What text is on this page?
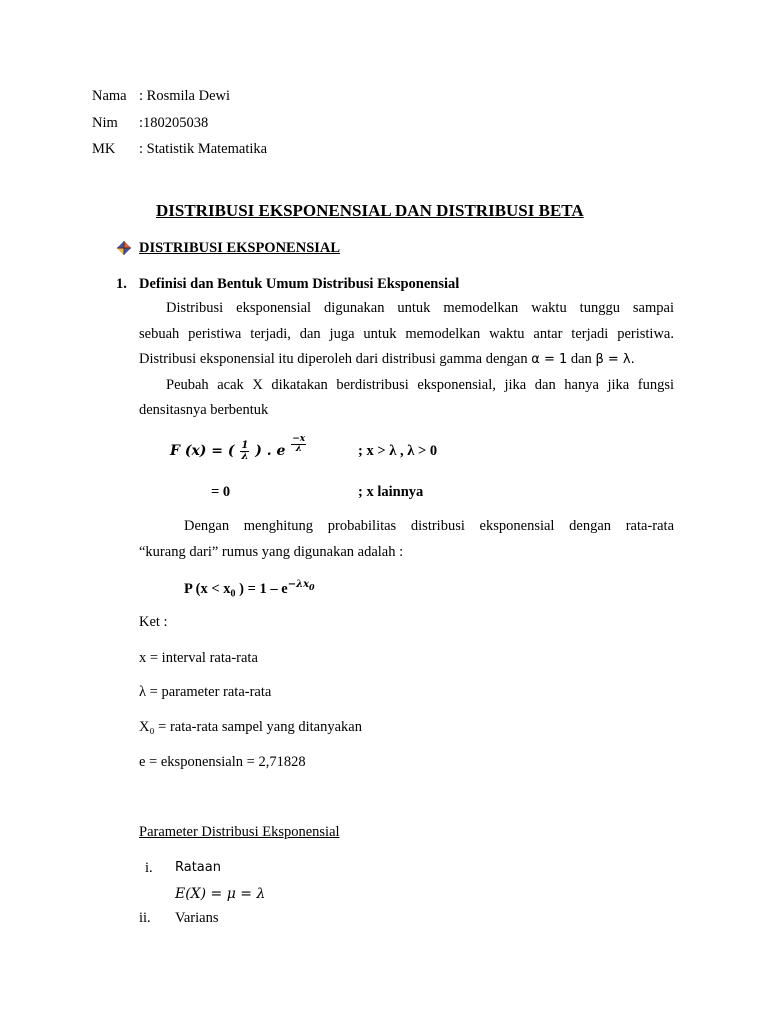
Nama : Rosmila Dewi
Nim :180205038
MK : Statistik Matematika
DISTRIBUSI EKSPONENSIAL DAN DISTRIBUSI BETA
DISTRIBUSI EKSPONENSIAL
1. Definisi dan Bentuk Umum Distribusi Eksponensial
Distribusi eksponensial digunakan untuk memodelkan waktu tunggu sampai
sebuah peristiwa terjadi, dan juga untuk memodelkan waktu antar terjadi peristiwa.
Distribusi eksponensial itu diperoleh dari distribusi gamma dengan α = 1 dan β = λ.
Peubah acak X dikatakan berdistribusi eksponensial, jika dan hanya jika fungsi
densitasnya berbentuk
F (x) = ( $\frac{1}{\lambda}$ ) . e $\frac{-x}{\lambda}$	; x > λ , λ > 0
= 0	; x lainnya
Dengan menghitung probabilitas distribusi eksponensial dengan rata-rata
“kurang dari” rumus yang digunakan adalah :
P ($x < x_0$ ) = $1 - e^{-\lambda x_0}$
Ket :
x = interval rata-rata
λ = parameter rata-rata
X₀ = rata-rata sampel yang ditanyakan
e = eksponensialn = 2,71828
Parameter Distribusi Eksponensial
i. Rataan
E(X) = μ = λ
ii. Varians
